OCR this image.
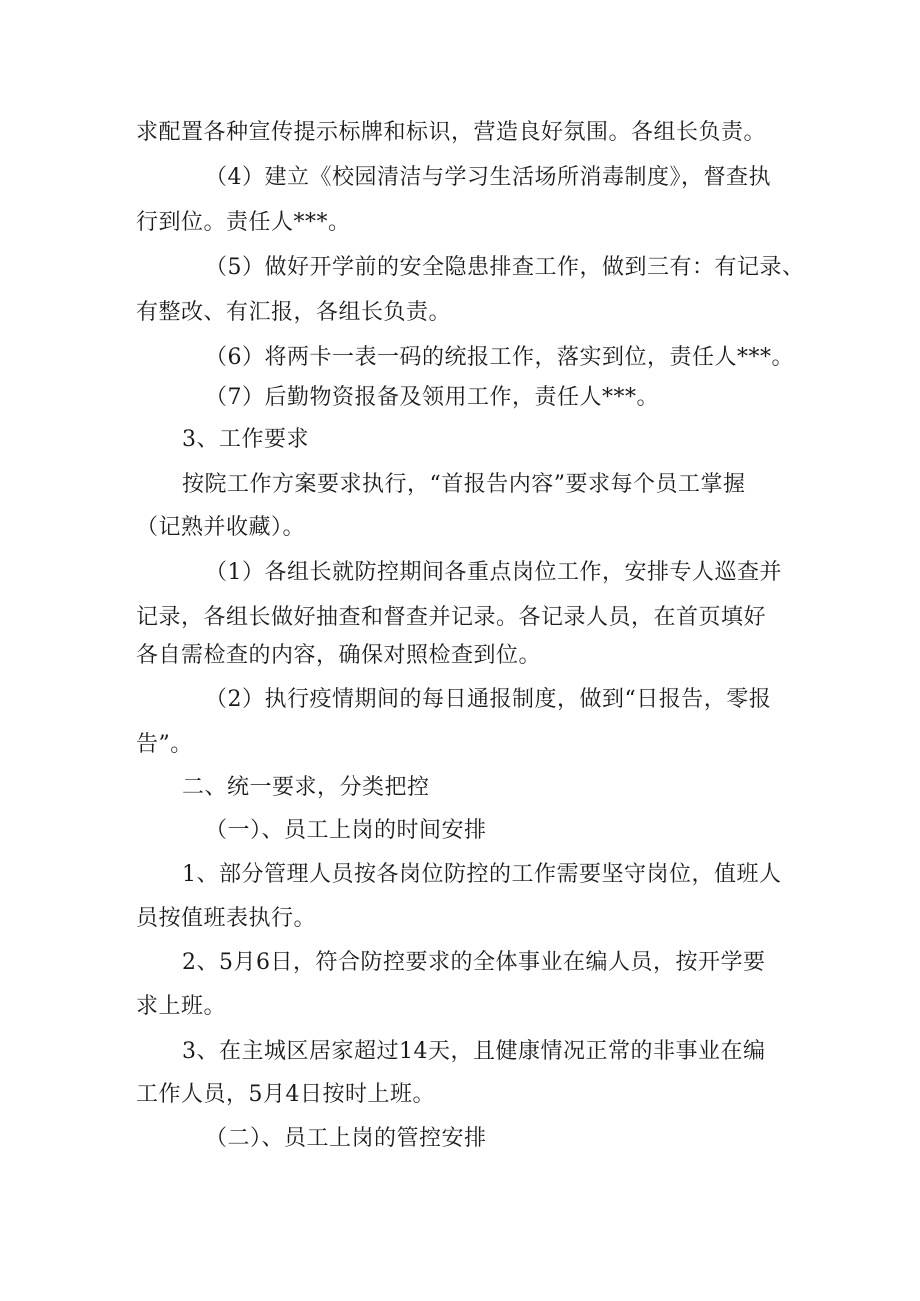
求配置各种宣传提示标牌和标识，营造良好氛围。各组长负责。
（4）建立《校园清洁与学习生活场所消毒制度》，督查执
行到位。责任人***。
（5）做好开学前的安全隐患排查工作，做到三有：有记录、
有整改、有汇报，各组长负责。
（6）将两卡一表一码的统报工作，落实到位，责任人***。
（7）后勤物资报备及领用工作，责任人***。
3、工作要求
按院工作方案要求执行，“首报告内容”要求每个员工掌握
（记熟并收藏）。
（1）各组长就防控期间各重点岗位工作，安排专人巡查并
记录，各组长做好抽查和督查并记录。各记录人员，在首页填好
各自需检查的内容，确保对照检查到位。
（2）执行疫情期间的每日通报制度，做到“日报告，零报
告”。
二、统一要求，分类把控
（一）、员工上岗的时间安排
1、部分管理人员按各岗位防控的工作需要坚守岗位，值班人
员按值班表执行。
2、5月6日，符合防控要求的全体事业在编人员，按开学要
求上班。
3、在主城区居家超过14天，且健康情况正常的非事业在编
工作人员，5月4日按时上班。
（二）、员工上岗的管控安排
